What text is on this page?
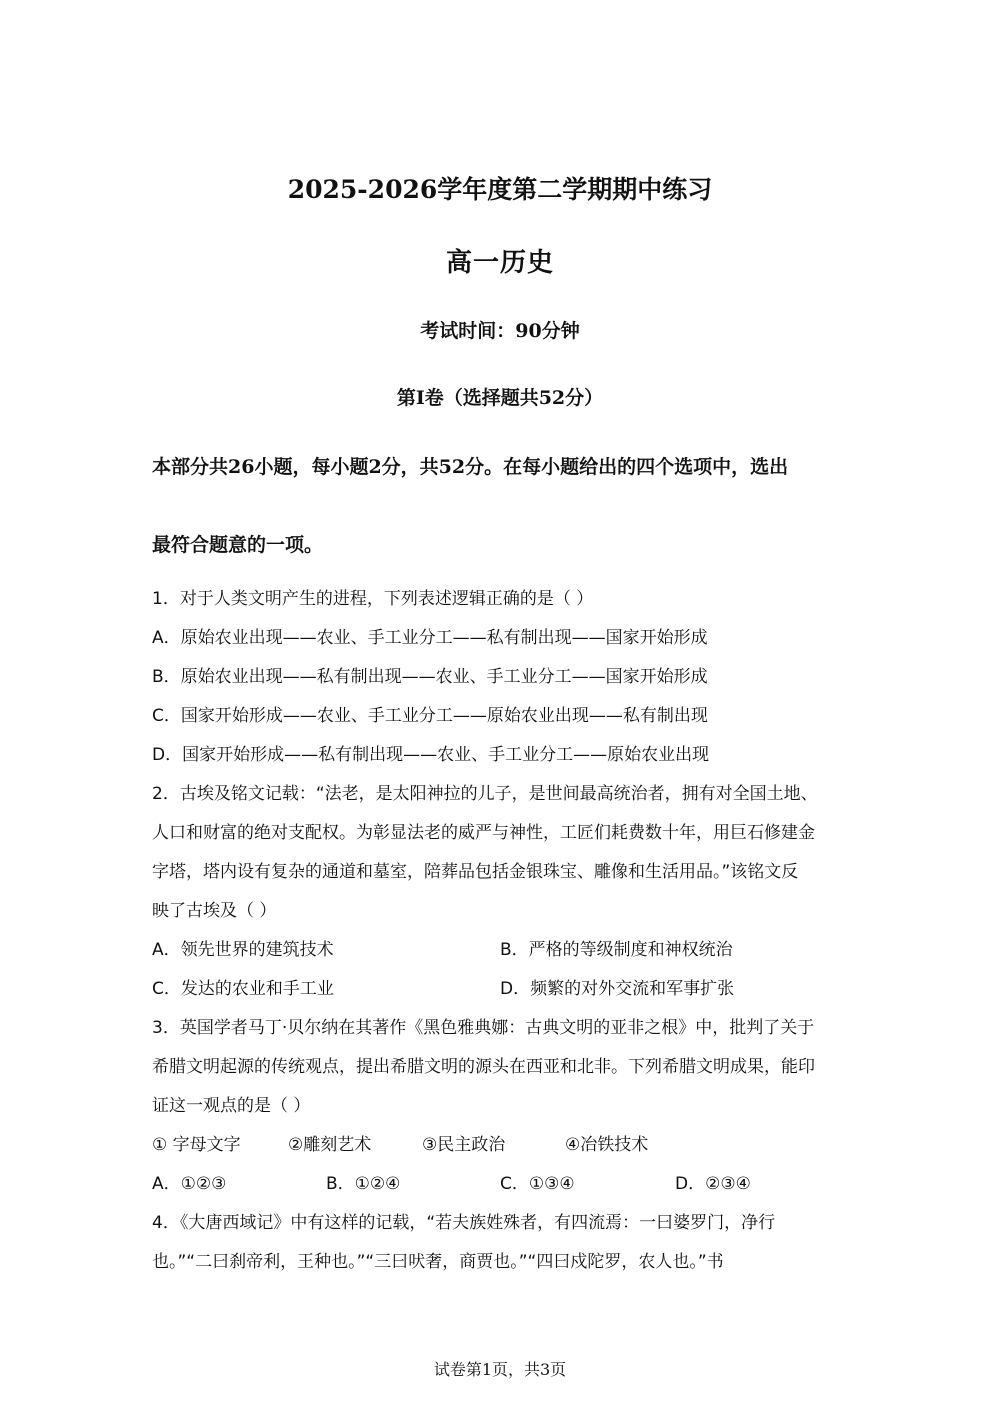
2025-2026学年度第二学期期中练习
高一历史
考试时间：90分钟
第I卷（选择题共52分）
本部分共26小题，每小题2分，共52分。在每小题给出的四个选项中，选出
最符合题意的一项。
1．对于人类文明产生的进程，下列表述逻辑正确的是（ ）
A．原始农业出现——农业、手工业分工——私有制出现——国家开始形成
B．原始农业出现——私有制出现——农业、手工业分工——国家开始形成
C．国家开始形成——农业、手工业分工——原始农业出现——私有制出现
D．国家开始形成——私有制出现——农业、手工业分工——原始农业出现
2．古埃及铭文记载：“法老，是太阳神拉的儿子，是世间最高统治者，拥有对全国土地、
人口和财富的绝对支配权。为彰显法老的威严与神性，工匠们耗费数十年，用巨石修建金
字塔，塔内设有复杂的通道和墓室，陪葬品包括金银珠宝、雕像和生活用品。”该铭文反
映了古埃及（ ）
A．领先世界的建筑技术	B．严格的等级制度和神权统治
C．发达的农业和手工业	D．频繁的对外交流和军事扩张
3．英国学者马丁·贝尔纳在其著作《黑色雅典娜：古典文明的亚非之根》中，批判了关于
希腊文明起源的传统观点，提出希腊文明的源头在西亚和北非。下列希腊文明成果，能印
证这一观点的是（ ）
① 字母文字	②雕刻艺术	③民主政治	④冶铁技术
A．①②③	B．①②④	C．①③④	D．②③④
4．《大唐西域记》中有这样的记载，“若夫族姓殊者，有四流焉：一曰婆罗门，净行
也。”“二曰刹帝利，王种也。”“三曰吠奢，商贾也。”“四曰戍陀罗，农人也。”书
试卷第1页，共3页
